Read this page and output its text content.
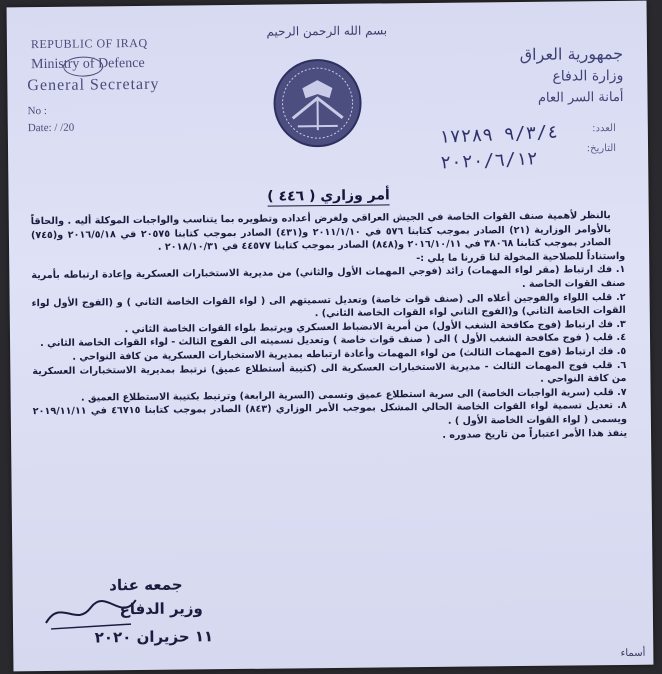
REPUBLIC OF IRAQ
Ministry of Defence
General Secretary
No :
Date: / /20
بسم الله الرحمن الرحيم
جمهورية العراق
وزارة الدفاع
أمانة السر العام
العدد:
التاريخ:
٩/٣/٤ ١٧٢٨٩
٢٠٢٠/٦/١٢
أمر وزاري ( ٤٤٦ )

بالنظر لأهمية صنف القوات الخاصة في الجيش العراقي ولغرض أعداده وتطويره بما يتناسب والواجبات الموكلة أليه . والحاقاً بالأوامر الوزارية (٢١) الصادر بموجب كتابنا ٥٧٦ في ٢٠١١/١/١٠ و(٤٣١) الصادر بموجب كتابنا ٢٠٥٧٥ في ٢٠١٦/٥/١٨ و(٧٤٥) الصادر بموجب كتابنا ٣٨٠٦٨ في ٢٠١٦/١٠/١١ و(٨٤٨) الصادر بموجب كتابنا ٤٤٥٧٧ في ٢٠١٨/١٠/٣١ .

واستناداً للصلاحية المخولة لنا قررنا ما يلي :-

١. فك ارتباط (مقر لواء المهمات) زائد (فوجي المهمات الأول والثاني) من مديرية الاستخبارات العسكرية وإعادة ارتباطه بأمرية صنف القوات الخاصة .

٢. قلب اللواء والفوجين أعلاه الى (صنف قوات خاصة) وتعديل تسميتهم الى ( لواء القوات الخاصة الثاني ) و (الفوج الأول لواء القوات الخاصة الثاني) و(الفوج الثاني لواء القوات الخاصة الثاني) .

٣. فك ارتباط (فوج مكافحة الشغب الأول) من أمرية الانضباط العسكري ويرتبط بلواء القوات الخاصة الثاني .

٤. قلب ( فوج مكافحة الشغب الأول ) الى ( صنف قوات خاصة ) وتعديل تسميته الى الفوج الثالث - لواء القوات الخاصة الثاني .

٥. فك ارتباط (فوج المهمات الثالث) من لواء المهمات وأعادة ارتباطه بمديرية الاستخبارات العسكرية من كافة النواحي .

٦. قلب فوج المهمات الثالث - مديرية الاستخبارات العسكرية الى (كتيبة أستطلاع عميق) ترتبط بمديرية الاستخبارات العسكرية من كافة النواحي .

٧. قلب (سرية الواجبات الخاصة) الى سرية استطلاع عميق وتسمى (السرية الرابعة) وترتبط بكتيبة الاستطلاع العميق .

٨. تعديل تسمية لواء القوات الخاصة الحالي المشكل بموجب الأمر الوزاري (٨٤٣) الصادر بموجب كتابنا ٤٦٧١٥ في ٢٠١٩/١١/١١ ويسمى ( لواء القوات الخاصة الأول ) .

ينفذ هذا الأمر اعتباراً من تاريخ صدوره .

جمعه عناد
وزير الدفاع
١١ حزيران ٢٠٢٠
أسماء
